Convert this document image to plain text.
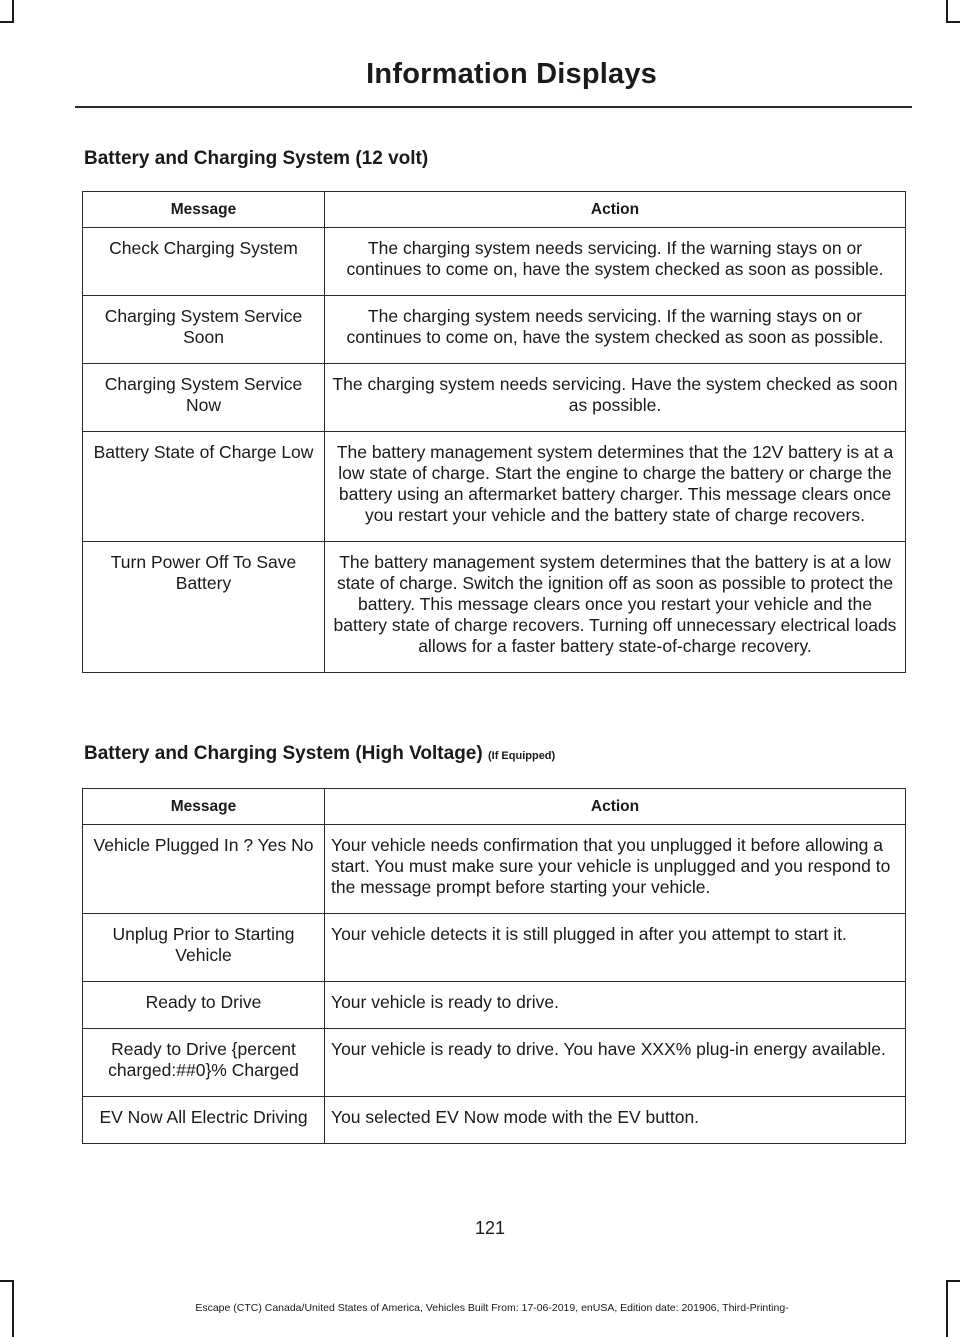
Information Displays
Battery and Charging System (12 volt)
Message	Action
Check Charging System	The charging system needs servicing. If the warning stays on or continues to come on, have the system checked as soon as possible.
Charging System Service Soon	The charging system needs servicing. If the warning stays on or continues to come on, have the system checked as soon as possible.
Charging System Service Now	The charging system needs servicing. Have the system checked as soon as possible.
Battery State of Charge Low	The battery management system determines that the 12V battery is at a low state of charge. Start the engine to charge the battery or charge the battery using an aftermarket battery charger. This message clears once you restart your vehicle and the battery state of charge recovers.
Turn Power Off To Save Battery	The battery management system determines that the battery is at a low state of charge. Switch the ignition off as soon as possible to protect the battery. This message clears once you restart your vehicle and the battery state of charge recovers. Turning off unnecessary electrical loads allows for a faster battery state-of-charge recovery.
Battery and Charging System (High Voltage) (If Equipped)
Message	Action
Vehicle Plugged In ? Yes No	Your vehicle needs confirmation that you unplugged it before allowing a start. You must make sure your vehicle is unplugged and you respond to the message prompt before starting your vehicle.
Unplug Prior to Starting Vehicle	Your vehicle detects it is still plugged in after you attempt to start it.
Ready to Drive	Your vehicle is ready to drive.
Ready to Drive {percent charged:##0}% Charged	Your vehicle is ready to drive. You have XXX% plug-in energy available.
EV Now All Electric Driving	You selected EV Now mode with the EV button.
121
Escape (CTC) Canada/United States of America, Vehicles Built From: 17-06-2019, enUSA, Edition date: 201906, Third-Printing-
